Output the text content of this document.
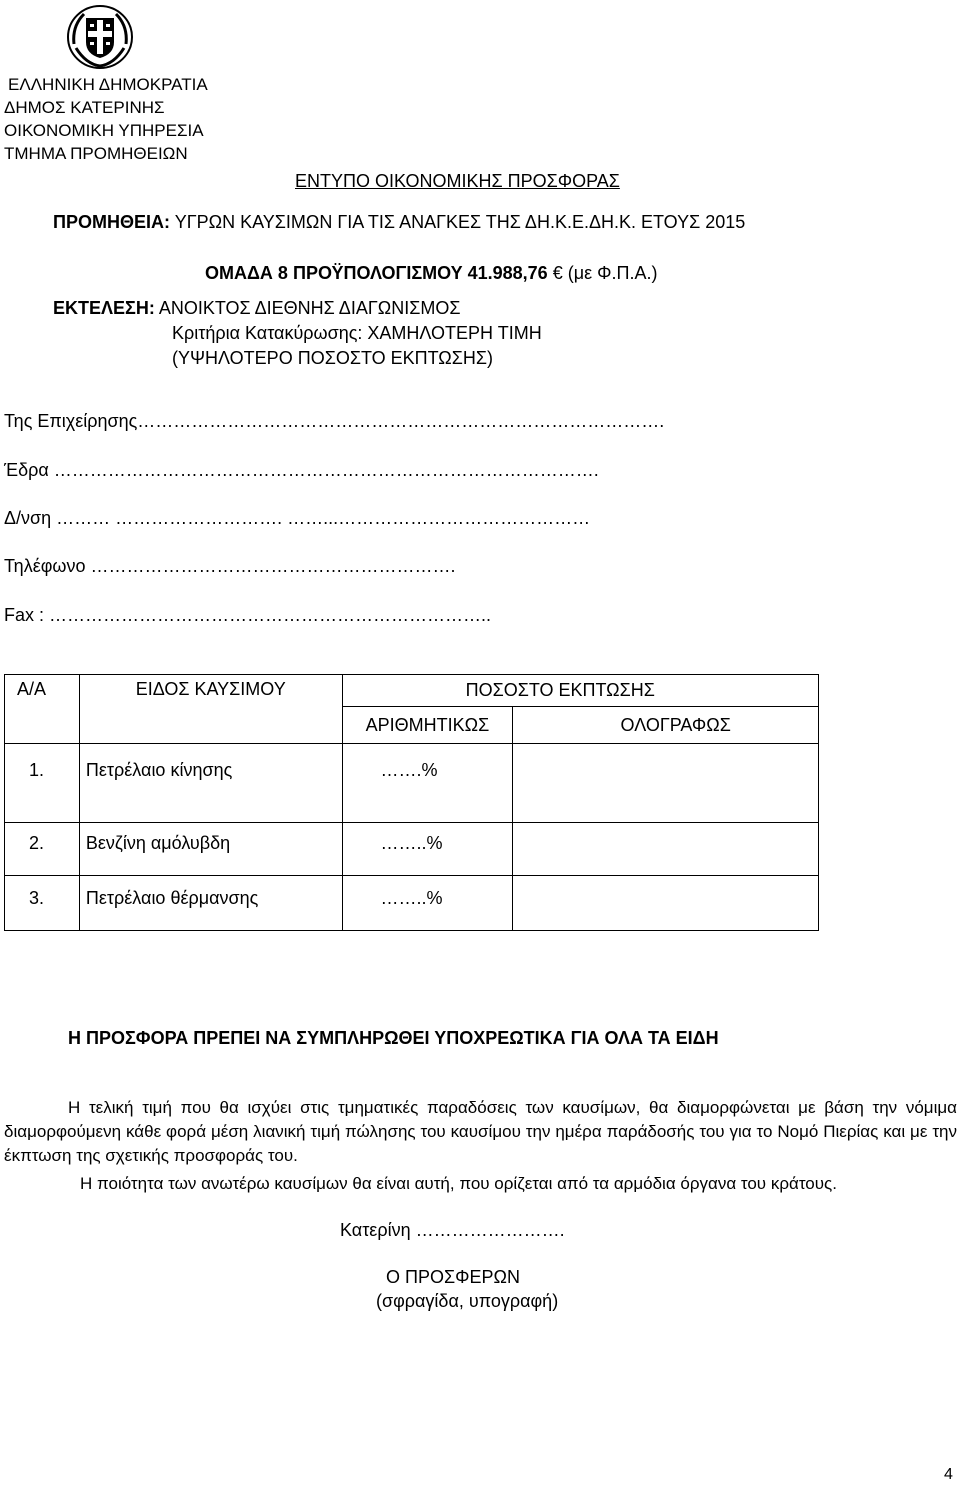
ΕΛΛΗΝΙΚΗ ΔΗΜΟΚΡΑΤΙΑ
ΔΗΜΟΣ ΚΑΤΕΡΙΝΗΣ
ΟΙΚΟΝΟΜΙΚΗ ΥΠΗΡΕΣΙΑ
ΤΜΗΜΑ ΠΡΟΜΗΘΕΙΩΝ
ΕΝΤΥΠΟ ΟΙΚΟΝΟΜΙΚΗΣ ΠΡΟΣΦΟΡΑΣ
ΠΡΟΜΗΘΕΙΑ: ΥΓΡΩΝ ΚΑΥΣΙΜΩΝ ΓΙΑ ΤΙΣ ΑΝΑΓΚΕΣ ΤΗΣ ΔΗ.Κ.Ε.ΔΗ.Κ. ΕΤΟΥΣ 2015
ΟΜΑΔΑ 8 ΠΡΟΫΠΟΛΟΓΙΣΜΟΥ 41.988,76 € (με Φ.Π.Α.)
ΕΚΤΕΛΕΣΗ: ΑΝΟΙΚΤΟΣ ΔΙΕΘΝΗΣ ΔΙΑΓΩΝΙΣΜΟΣ
Κριτήρια Κατακύρωσης: ΧΑΜΗΛΟΤΕΡΗ ΤΙΜΗ
(ΥΨΗΛΟΤΕΡΟ ΠΟΣΟΣΤΟ ΕΚΠΤΩΣΗΣ)
Της Επιχείρησης…………………………………………………………………………….
Έδρα ……………………………………………………………………………….
Δ/νση ……… ………………………. ……...……………………………………
Τηλέφωνο …………………………………………………….
Fax : ………………………………………………………………..
Α/Α	ΕΙΔΟΣ ΚΑΥΣΙΜΟΥ	ΠΟΣΟΣΤΟ ΕΚΠΤΩΣΗΣ	
		ΑΡΙΘΜΗΤΙΚΩΣ	ΟΛΟΓΡΑΦΩΣ
1.	Πετρέλαιο κίνησης	…….%	
2.	Βενζίνη αμόλυβδη	……..%	
3.	Πετρέλαιο θέρμανσης	……..%	
Η ΠΡΟΣΦΟΡΑ ΠΡΕΠΕΙ ΝΑ ΣΥΜΠΛΗΡΩΘΕΙ ΥΠΟΧΡΕΩΤΙΚΑ ΓΙΑ ΟΛΑ ΤΑ ΕΙΔΗ
Η τελική τιμή που θα ισχύει στις τμηματικές παραδόσεις των καυσίμων, θα διαμορφώνεται με βάση την νόμιμα διαμορφούμενη κάθε φορά μέση λιανική τιμή πώλησης του καυσίμου την ημέρα παράδοσής του για το Νομό Πιερίας και με την έκπτωση της σχετικής προσφοράς του.
Η ποιότητα των ανωτέρω καυσίμων θα είναι αυτή, που ορίζεται από τα αρμόδια όργανα του κράτους.
Κατερίνη …………………….
Ο ΠΡΟΣΦΕΡΩΝ
(σφραγίδα, υπογραφή)
4
